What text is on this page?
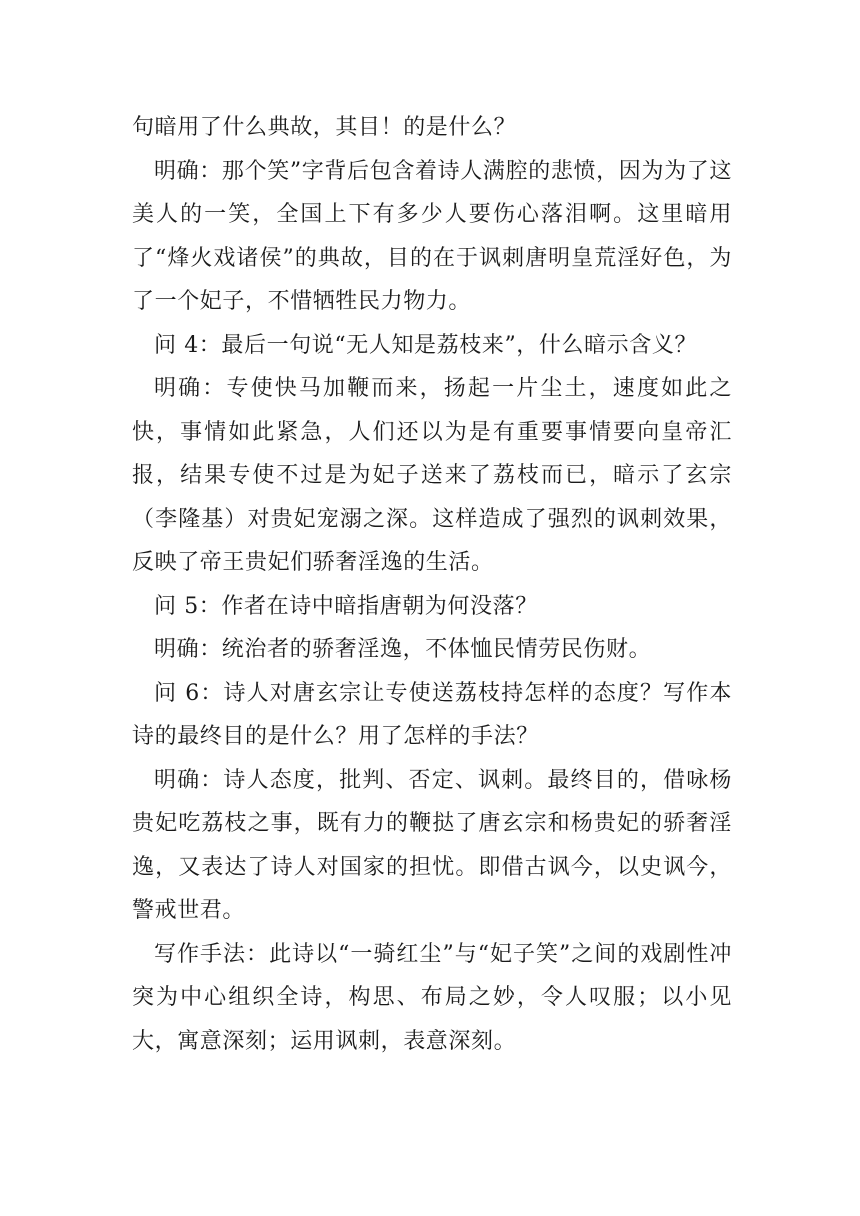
句暗用了什么典故，其目！的是什么？

明确：那个笑”字背后包含着诗人满腔的悲愤，因为为了这美人的一笑，全国上下有多少人要伤心落泪啊。这里暗用了“烽火戏诸侯”的典故，目的在于讽刺唐明皇荒淫好色，为了一个妃子，不惜牺牲民力物力。

问 4：最后一句说“无人知是荔枝来”，什么暗示含义？

明确：专使快马加鞭而来，扬起一片尘土，速度如此之快，事情如此紧急，人们还以为是有重要事情要向皇帝汇报，结果专使不过是为妃子送来了荔枝而已，暗示了玄宗（李隆基）对贵妃宠溺之深。这样造成了强烈的讽刺效果，反映了帝王贵妃们骄奢淫逸的生活。

问 5：作者在诗中暗指唐朝为何没落？

明确：统治者的骄奢淫逸，不体恤民情劳民伤财。

问 6：诗人对唐玄宗让专使送荔枝持怎样的态度？写作本诗的最终目的是什么？用了怎样的手法？

明确：诗人态度，批判、否定、讽刺。最终目的，借咏杨贵妃吃荔枝之事，既有力的鞭挞了唐玄宗和杨贵妃的骄奢淫逸，又表达了诗人对国家的担忧。即借古讽今，以史讽今，警戒世君。

写作手法：此诗以“一骑红尘”与“妃子笑”之间的戏剧性冲突为中心组织全诗，构思、布局之妙，令人叹服；以小见大，寓意深刻；运用讽刺，表意深刻。
